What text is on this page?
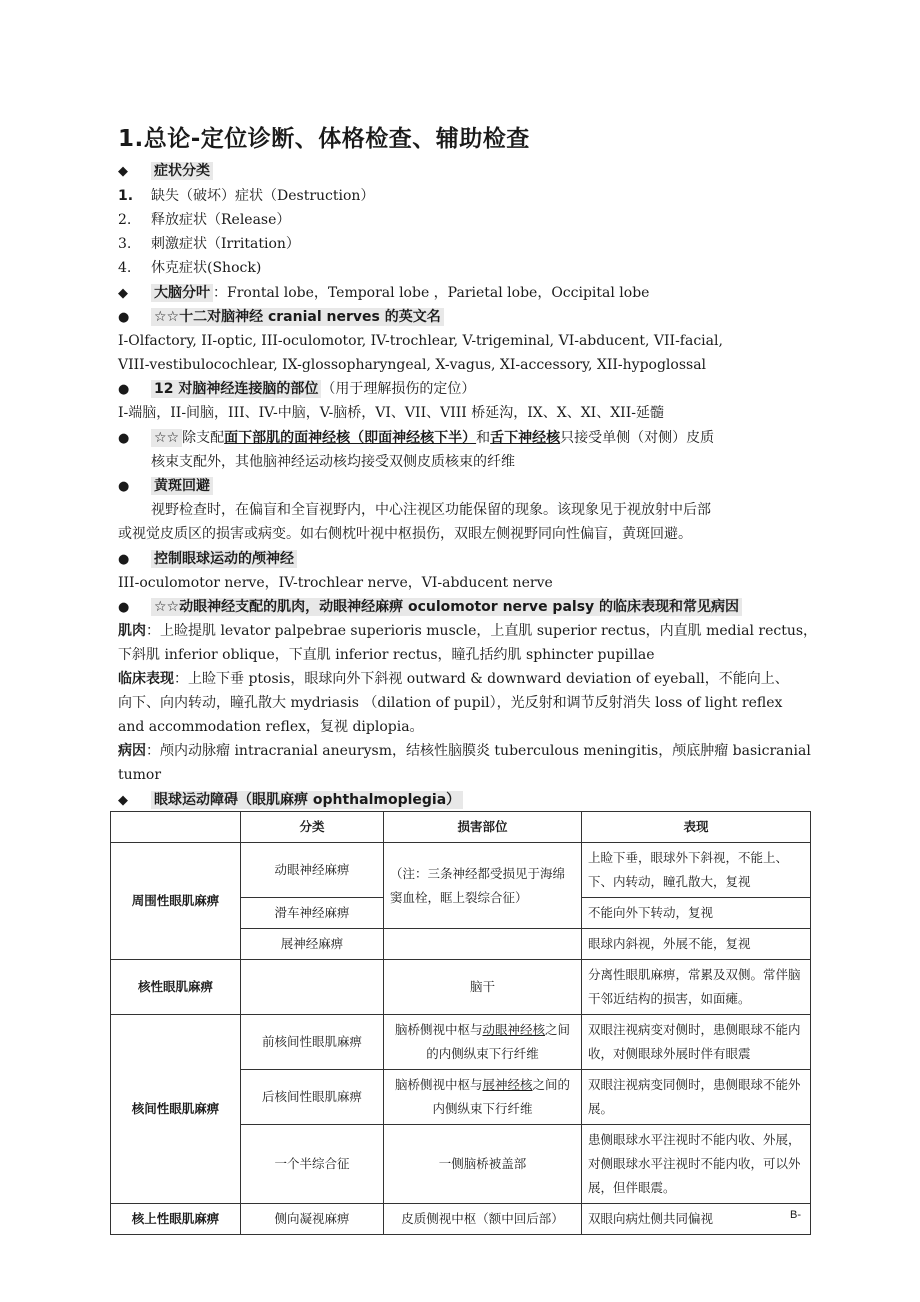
1.总论-定位诊断、体格检查、辅助检查
◆ 症状分类
1. 缺失（破坏）症状（Destruction）
2. 释放症状（Release）
3. 刺激症状（Irritation）
4. 休克症状(Shock)
◆ 大脑分叶 ：Frontal lobe，Temporal lobe ，Parietal lobe，Occipital lobe
● ☆☆十二对脑神经 cranial nerves 的英文名
I-Olfactory, II-optic, III-oculomotor, IV-trochlear, V-trigeminal, VI-abducent, VII-facial,
VIII-vestibulocochlear, IX-glossopharyngeal, X-vagus, XI-accessory, XII-hypoglossal
● 12 对脑神经连接脑的部位 （用于理解损伤的定位）
I-端脑，II-间脑，III、IV-中脑，V-脑桥，VI、VII、VIII 桥延沟，IX、X、XI、XII-延髓
● ☆☆ 除支配面下部肌的面神经核（即面神经核下半）和舌下神经核只接受单侧（对侧）皮质
核束支配外，其他脑神经运动核均接受双侧皮质核束的纤维
● 黄斑回避
视野检查时，在偏盲和全盲视野内，中心注视区功能保留的现象。该现象见于视放射中后部
或视觉皮质区的损害或病变。如右侧枕叶视中枢损伤，双眼左侧视野同向性偏盲，黄斑回避。
● 控制眼球运动的颅神经
III-oculomotor nerve，IV-trochlear nerve，VI-abducent nerve
● ☆☆动眼神经支配的肌肉，动眼神经麻痹 oculomotor nerve palsy 的临床表现和常见病因
肌肉：上睑提肌 levator palpebrae superioris muscle，上直肌 superior rectus，内直肌 medial rectus，
下斜肌 inferior oblique，下直肌 inferior rectus，瞳孔括约肌 sphincter pupillae
临床表现：上睑下垂 ptosis，眼球向外下斜视 outward & downward deviation of eyeball，不能向上、
向下、向内转动，瞳孔散大 mydriasis （dilation of pupil），光反射和调节反射消失 loss of light reflex
and accommodation reflex，复视 diplopia。
病因：颅内动脉瘤 intracranial aneurysm，结核性脑膜炎 tuberculous meningitis，颅底肿瘤 basicranial
tumor
◆ 眼球运动障碍（眼肌麻痹 ophthalmoplegia）
	分类	损害部位	表现
周围性眼肌麻痹	动眼神经麻痹	（注：三条神经都受损见于海绵窦血栓，眶上裂综合征）	上睑下垂，眼球外下斜视，不能上、下、内转动，瞳孔散大，复视
	滑车神经麻痹		不能向外下转动，复视
	展神经麻痹		眼球内斜视，外展不能，复视
核性眼肌麻痹		脑干	分离性眼肌麻痹，常累及双侧。常伴脑干邻近结构的损害，如面瘫。
核间性眼肌麻痹	前核间性眼肌麻痹	脑桥侧视中枢与动眼神经核之间的内侧纵束下行纤维	双眼注视病变对侧时，患侧眼球不能内收，对侧眼球外展时伴有眼震
	后核间性眼肌麻痹	脑桥侧视中枢与展神经核之间的内侧纵束下行纤维	双眼注视病变同侧时，患侧眼球不能外展。
	一个半综合征	一侧脑桥被盖部	患侧眼球水平注视时不能内收、外展，对侧眼球水平注视时不能内收，可以外展，但伴眼震。
核上性眼肌麻痹	侧向凝视麻痹	皮质侧视中枢（额中回后部）	双眼向病灶侧共同偏视	B-
